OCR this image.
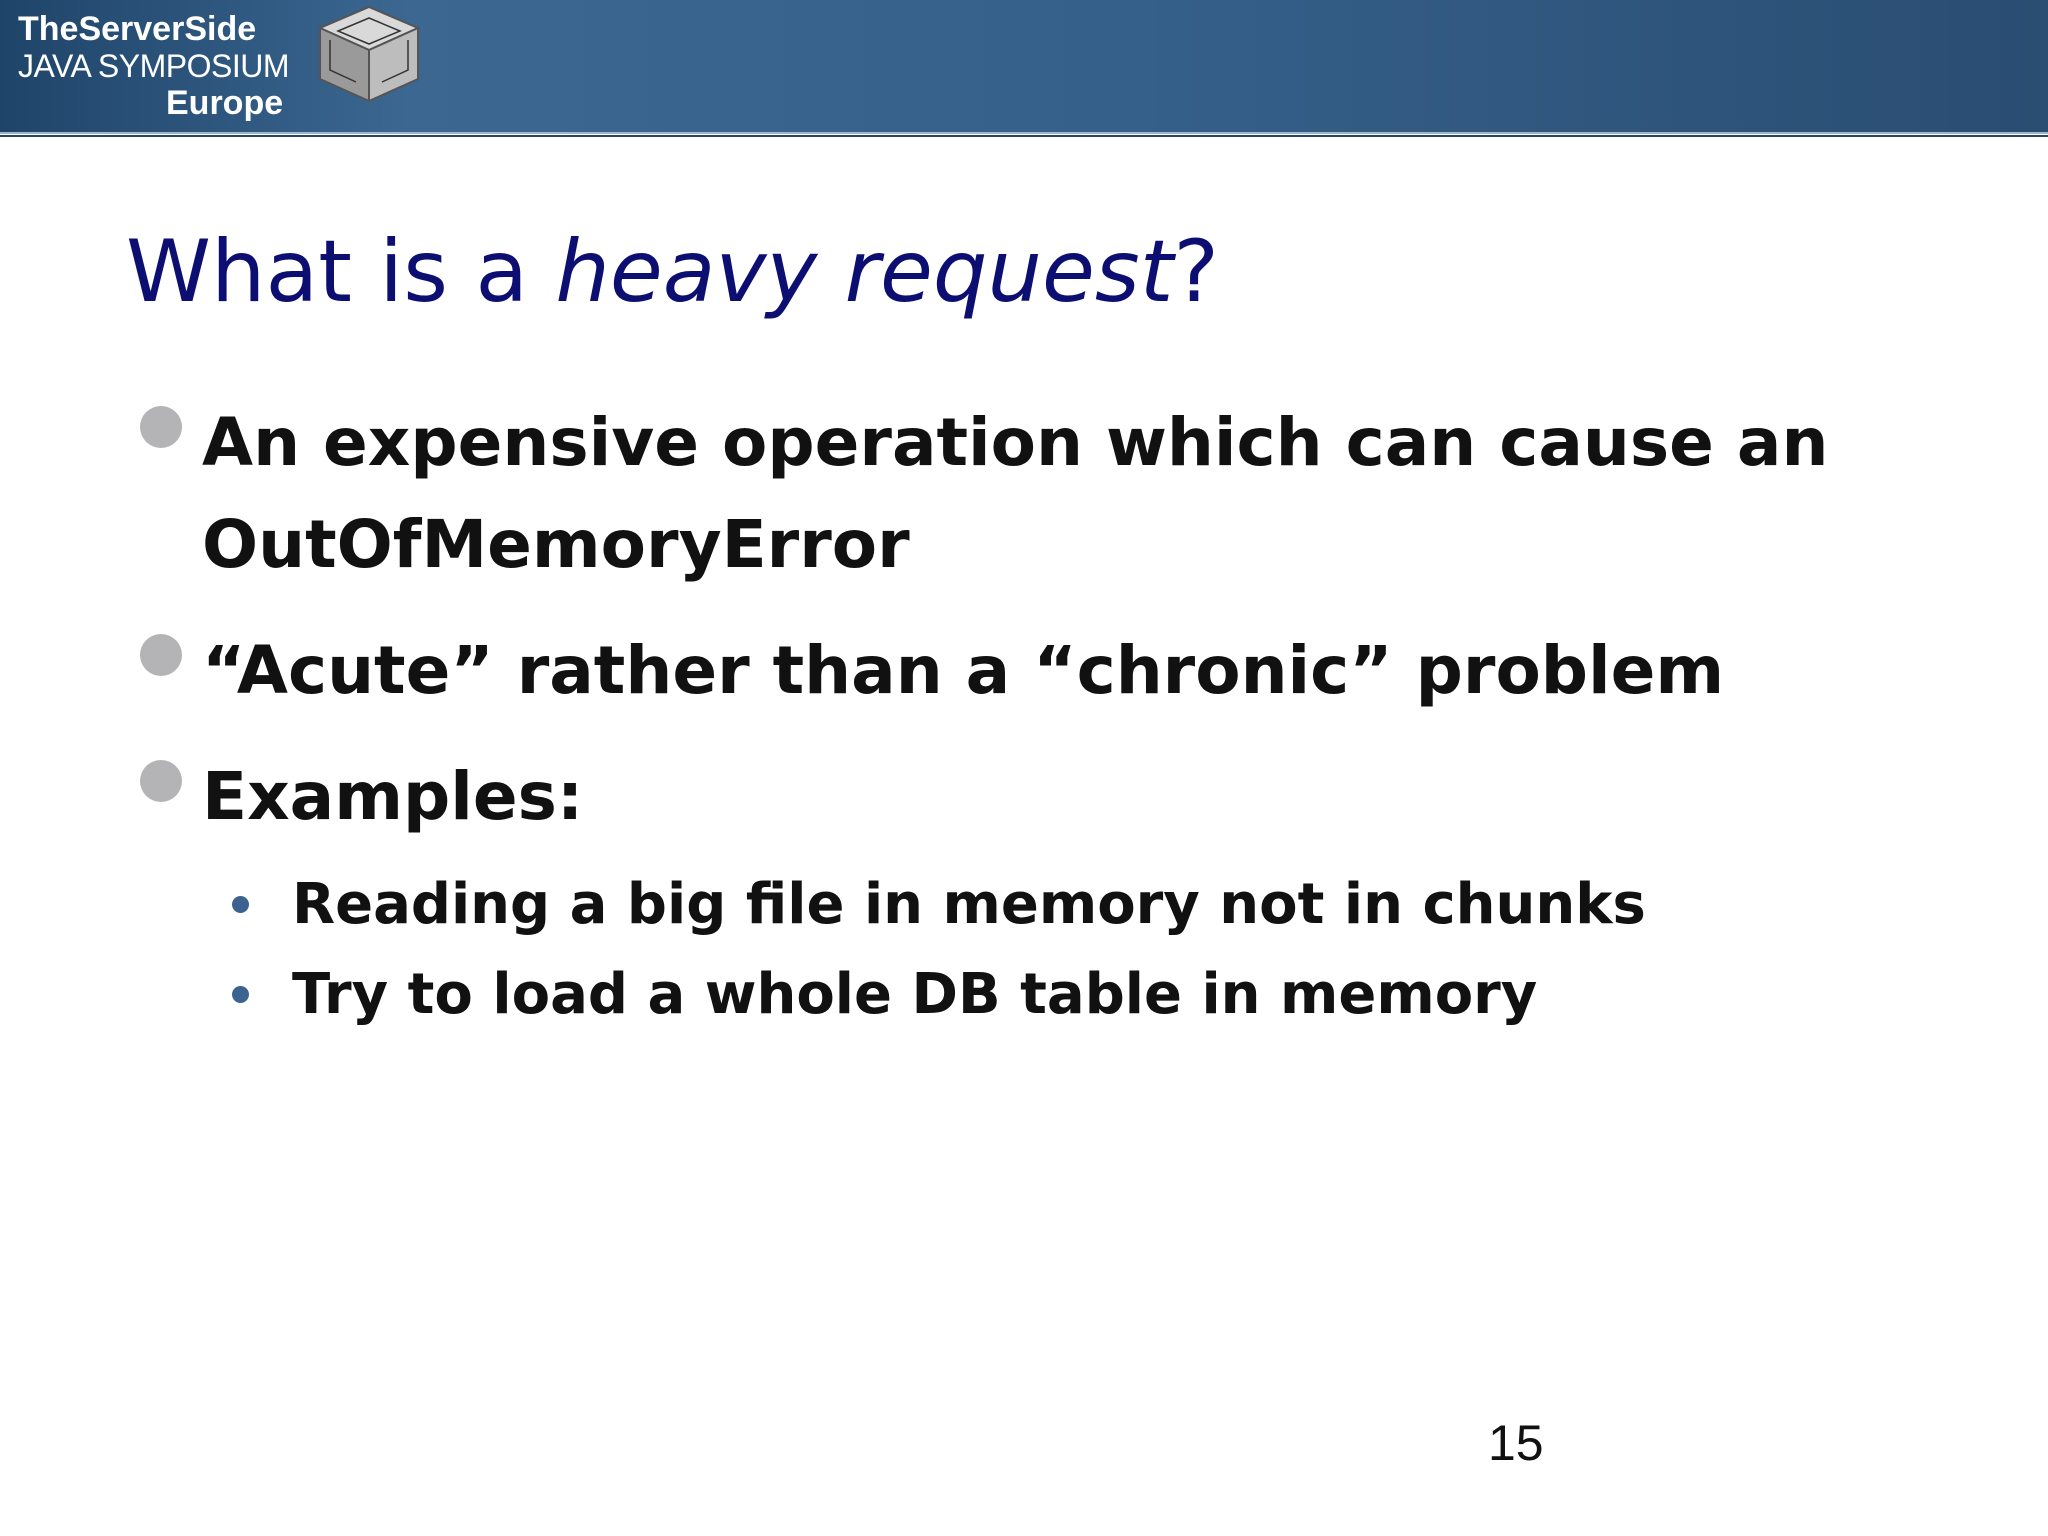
TheServerSide
JAVA SYMPOSIUM
Europe
What is a heavy request?
An expensive operation which can cause an OutOfMemoryError
“Acute” rather than a “chronic” problem
Examples:
Reading a big file in memory not in chunks
Try to load a whole DB table in memory
15
